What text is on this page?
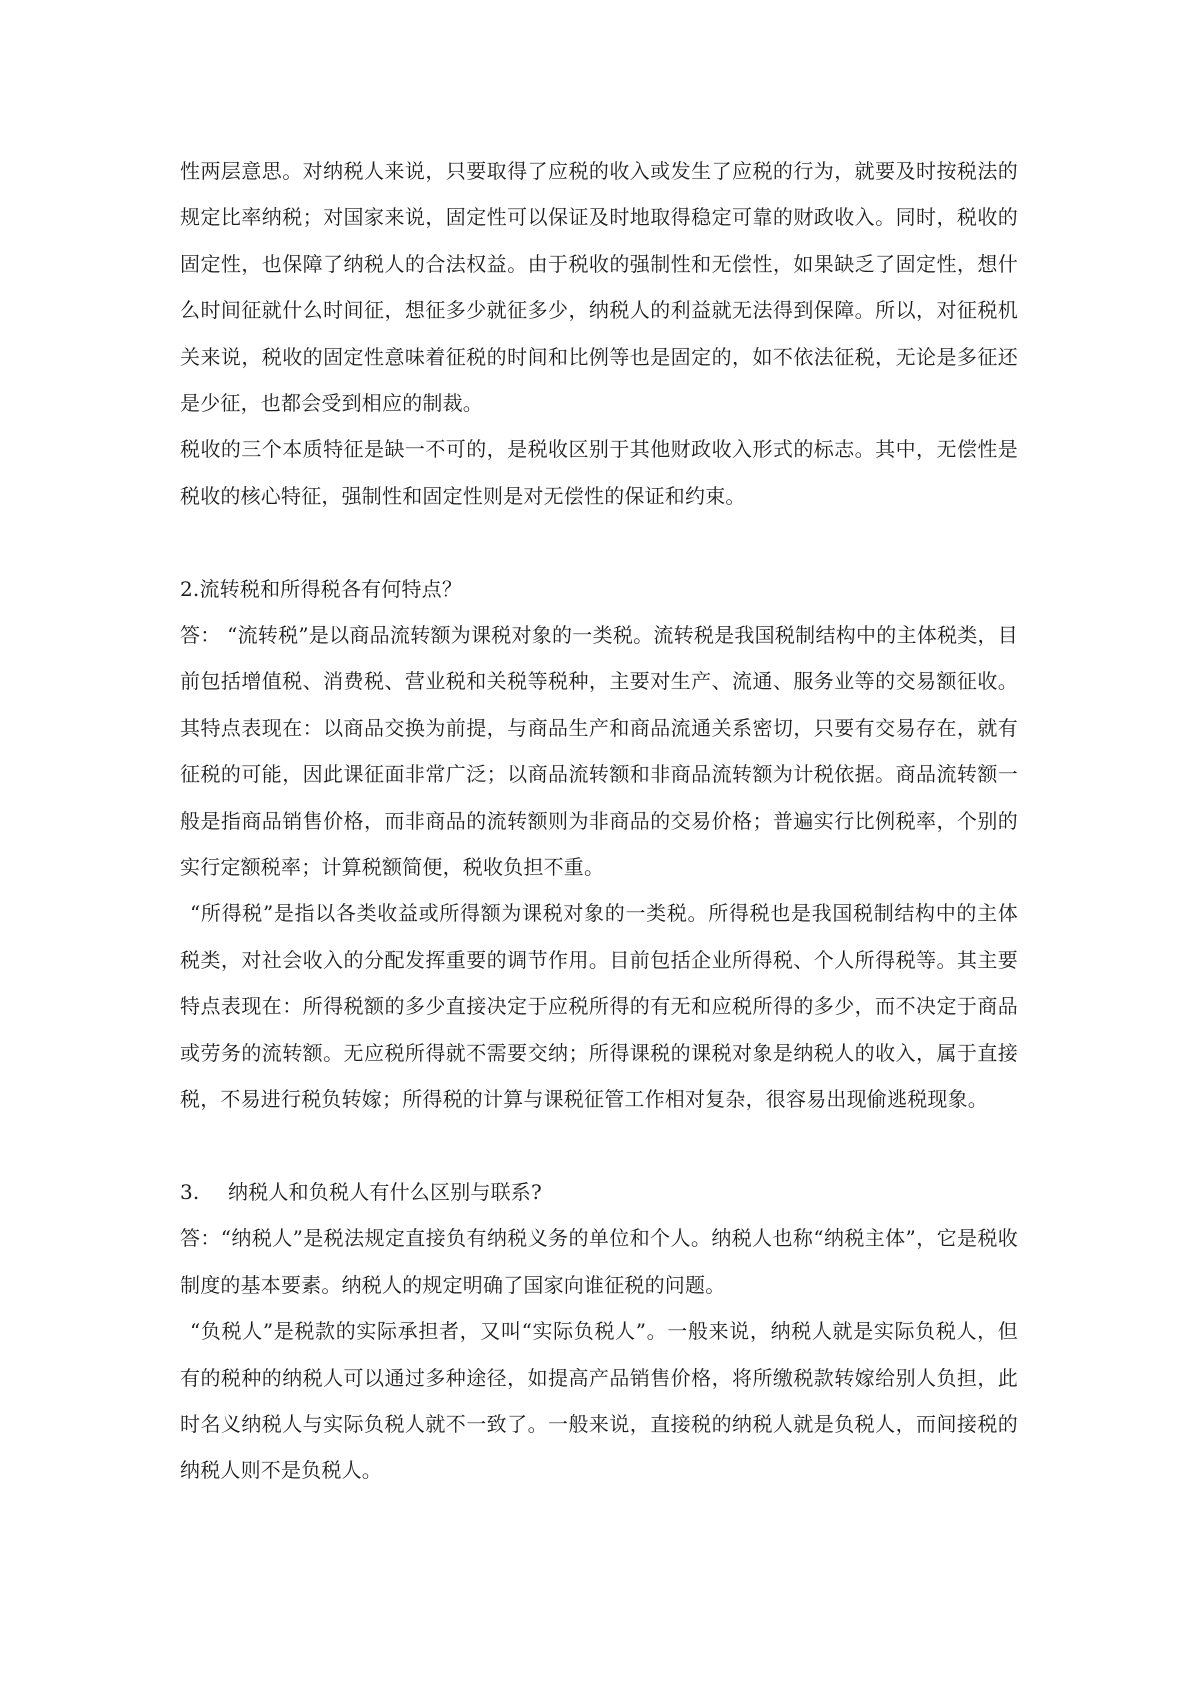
性两层意思。对纳税人来说，只要取得了应税的收入或发生了应税的行为，就要及时按税法的规定比率纳税；对国家来说，固定性可以保证及时地取得稳定可靠的财政收入。同时，税收的固定性，也保障了纳税人的合法权益。由于税收的强制性和无偿性，如果缺乏了固定性，想什么时间征就什么时间征，想征多少就征多少，纳税人的利益就无法得到保障。所以，对征税机关来说，税收的固定性意味着征税的时间和比例等也是固定的，如不依法征税，无论是多征还是少征，也都会受到相应的制裁。

税收的三个本质特征是缺一不可的，是税收区别于其他财政收入形式的标志。其中，无偿性是税收的核心特征，强制性和固定性则是对无偿性的保证和约束。

2.流转税和所得税各有何特点？

答： “流转税”是以商品流转额为课税对象的一类税。流转税是我国税制结构中的主体税类，目前包括增值税、消费税、营业税和关税等税种，主要对生产、流通、服务业等的交易额征收。其特点表现在：以商品交换为前提，与商品生产和商品流通关系密切，只要有交易存在，就有征税的可能，因此课征面非常广泛；以商品流转额和非商品流转额为计税依据。商品流转额一般是指商品销售价格，而非商品的流转额则为非商品的交易价格；普遍实行比例税率，个别的实行定额税率；计算税额简便，税收负担不重。

“所得税”是指以各类收益或所得额为课税对象的一类税。所得税也是我国税制结构中的主体税类，对社会收入的分配发挥重要的调节作用。目前包括企业所得税、个人所得税等。其主要特点表现在：所得税额的多少直接决定于应税所得的有无和应税所得的多少，而不决定于商品或劳务的流转额。无应税所得就不需要交纳；所得课税的课税对象是纳税人的收入，属于直接税，不易进行税负转嫁；所得税的计算与课税征管工作相对复杂，很容易出现偷逃税现象。

3. 纳税人和负税人有什么区别与联系?

答：“纳税人”是税法规定直接负有纳税义务的单位和个人。纳税人也称“纳税主体”，它是税收制度的基本要素。纳税人的规定明确了国家向谁征税的问题。

“负税人”是税款的实际承担者，又叫“实际负税人”。一般来说，纳税人就是实际负税人，但有的税种的纳税人可以通过多种途径，如提高产品销售价格，将所缴税款转嫁给别人负担，此时名义纳税人与实际负税人就不一致了。一般来说，直接税的纳税人就是负税人，而间接税的纳税人则不是负税人。
